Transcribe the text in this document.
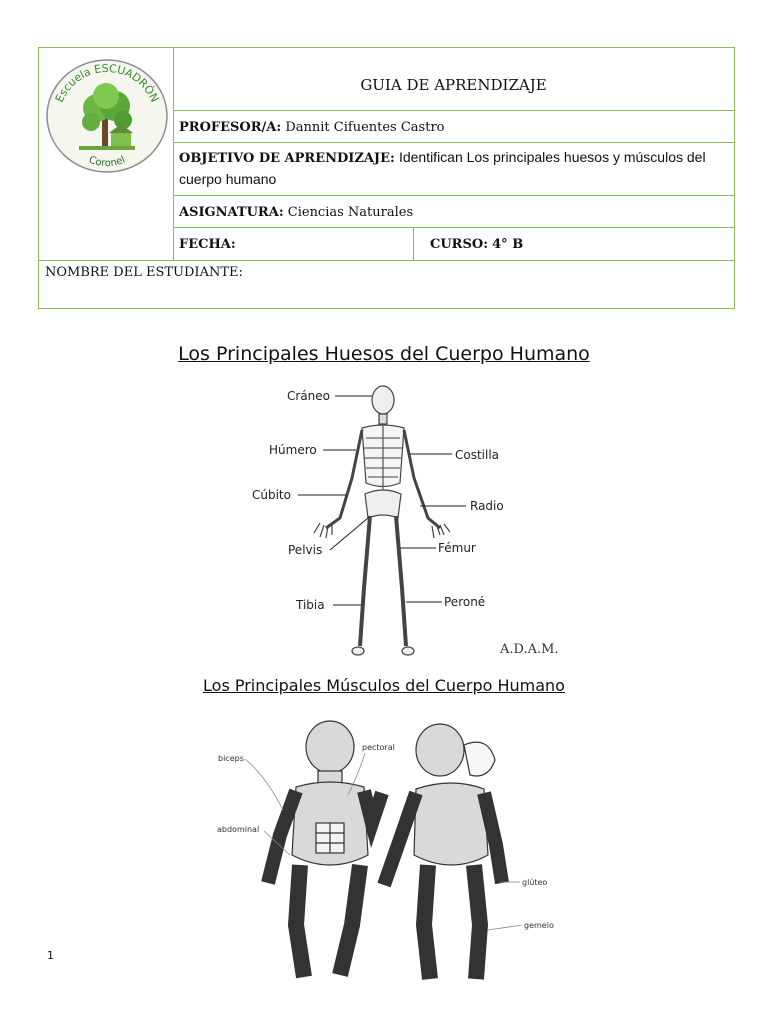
Escuela ESCUADRÓN
Coronel
GUIA DE APRENDIZAJE
PROFESOR/A: Dannit Cifuentes Castro
OBJETIVO DE APRENDIZAJE: Identifican Los principales huesos y músculos del cuerpo humano
ASIGNATURA: Ciencias Naturales
FECHA:	CURSO: 4° B
NOMBRE DEL ESTUDIANTE:
Los Principales Huesos del Cuerpo Humano
Cráneo
Húmero
Cúbito
Pelvis
Tibia
Costilla
Radio
Fémur
Peroné
A.D.A.M.
Los Principales Músculos del Cuerpo Humano
biceps
pectoral
abdominal
glúteo
gemelo
1
